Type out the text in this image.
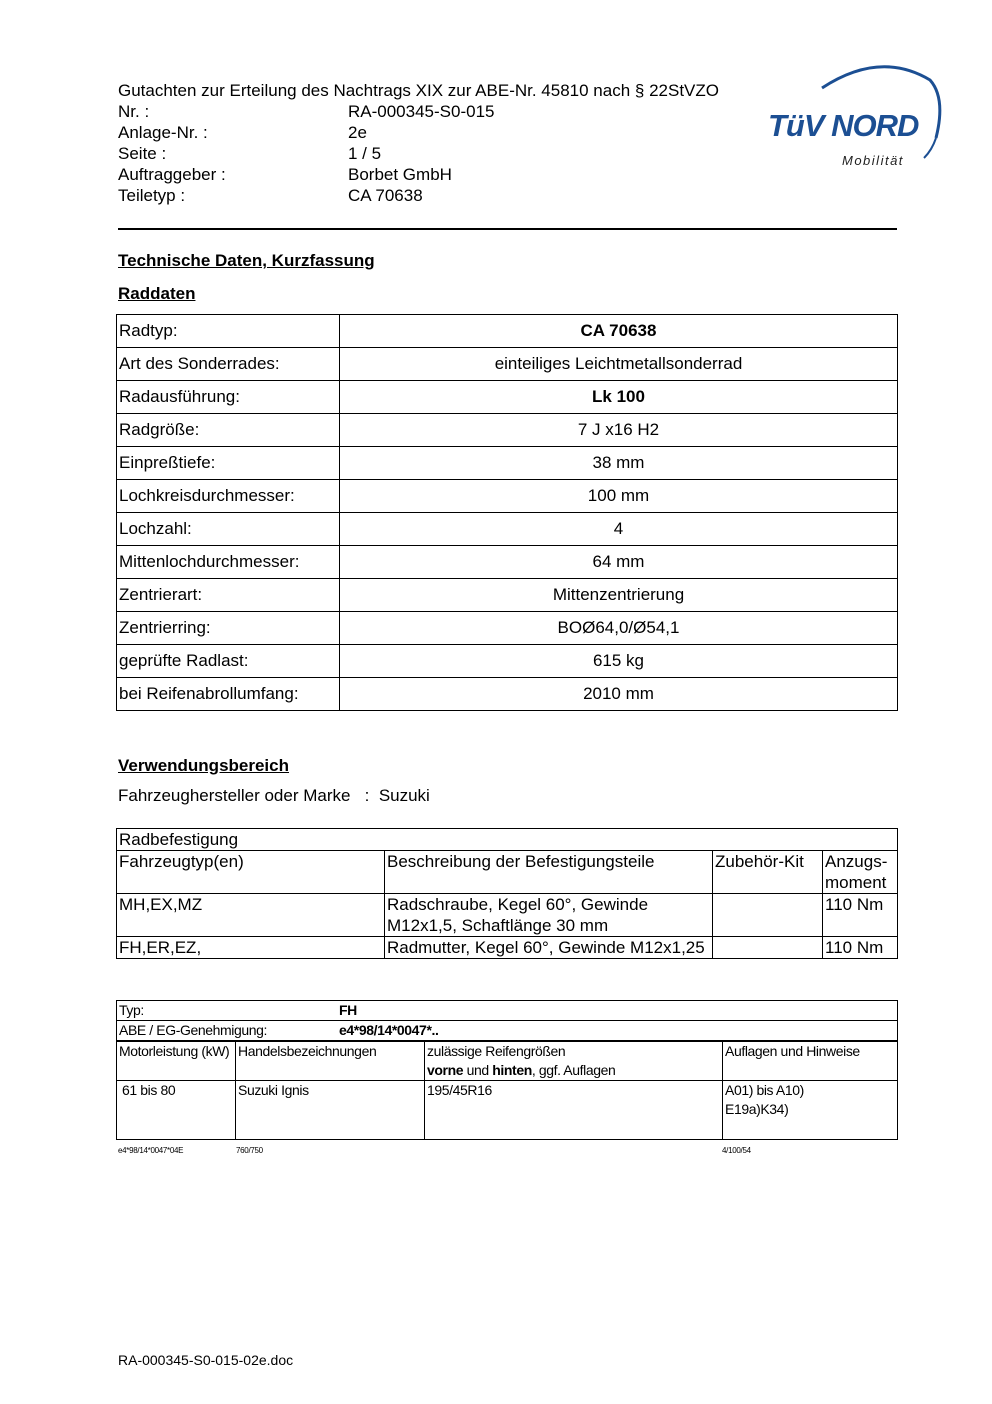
Gutachten zur Erteilung des Nachtrags XIX zur ABE-Nr. 45810 nach § 22StVZO
Nr. :	RA-000345-S0-015
Anlage-Nr. :	2e
Seite :	1 / 5
Auftraggeber :	Borbet GmbH
Teiletyp :	CA 70638
TüV NORD
Mobilität
Technische Daten, Kurzfassung
Raddaten
Radtyp:	CA 70638
Art des Sonderrades:	einteiliges Leichtmetallsonderrad
Radausführung:	Lk 100
Radgröße:	7 J x16 H2
Einpreßtiefe:	38 mm
Lochkreisdurchmesser:	100 mm
Lochzahl:	4
Mittenlochdurchmesser:	64 mm
Zentrierart:	Mittenzentrierung
Zentrierring:	BOØ64,0/Ø54,1
geprüfte Radlast:	615 kg
bei Reifenabrollumfang:	2010 mm
Verwendungsbereich
Fahrzeughersteller oder Marke : Suzuki
Radbefestigung			
Fahrzeugtyp(en)	Beschreibung der Befestigungsteile	Zubehör-Kit	Anzugs-moment
MH,EX,MZ	Radschraube, Kegel 60°, Gewinde M12x1,5, Schaftlänge 30 mm		110 Nm
FH,ER,EZ,	Radmutter, Kegel 60°, Gewinde M12x1,25		110 Nm
Typ: FH			
ABE / EG-Genehmigung: e4*98/14*0047*..			
Motorleistung (kW)	Handelsbezeichnungen	zulässige Reifengrößen
vorne und hinten, ggf. Auflagen	Auflagen und Hinweise
61 bis 80	Suzuki Ignis	195/45R16	A01) bis A10)
E19a)K34)
e4*98/14*0047*04E	760/750	4/100/54
RA-000345-S0-015-02e.doc
